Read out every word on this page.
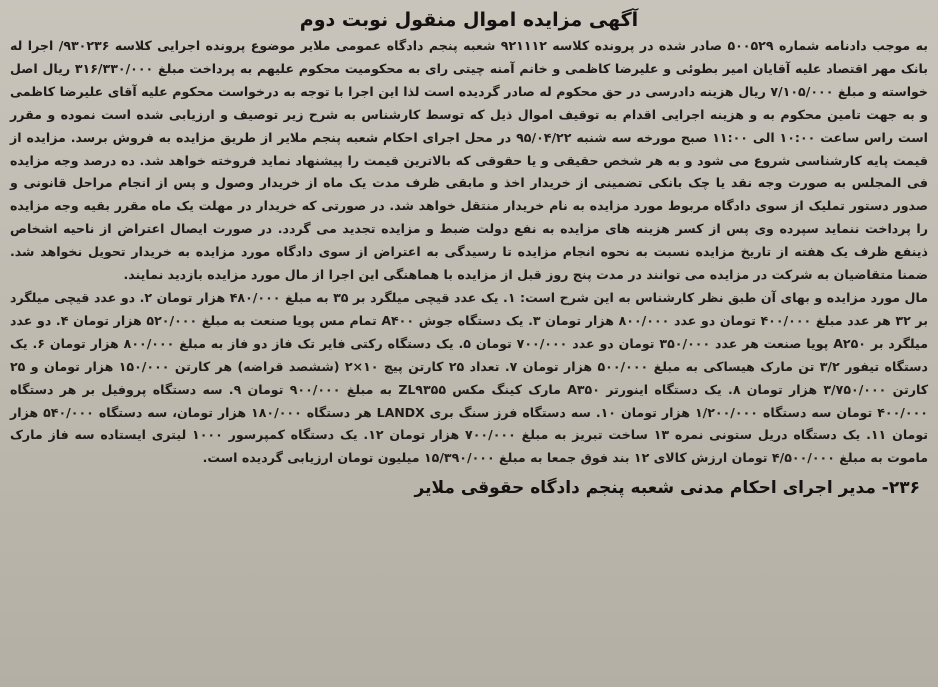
آگهی مزایده اموال منقول نوبت دوم

به موجب دادنامه شماره ۵۰۰۵۲۹ صادر شده در پرونده کلاسه ۹۲۱۱۱۲ شعبه پنجم دادگاه عمومی ملایر موضوع پرونده اجرایی کلاسه ۹۳۰۲۳۶/ اجرا له بانک مهر اقتصاد علیه آقایان امیر بطوئی و علیرضا کاظمی و خانم آمنه چیتی رای به محکومیت محکوم علیهم به پرداخت مبلغ ۳۱۶/۳۳۰/۰۰۰ ریال اصل خواسته و مبلغ ۷/۱۰۵/۰۰۰ ریال هزینه دادرسی در حق محکوم له صادر گردیده است لذا این اجرا با توجه به درخواست محکوم علیه آقای علیرضا کاظمی و به جهت تامین محکوم به و هزینه اجرایی اقدام به توقیف اموال ذیل که توسط کارشناس به شرح زیر توصیف و ارزیابی شده است نموده و مقرر است راس ساعت ۱۰:۰۰ الی ۱۱:۰۰ صبح مورخه سه شنبه ۹۵/۰۴/۲۲ در محل اجرای احکام شعبه پنجم ملایر از طریق مزایده به فروش برسد. مزایده از قیمت پایه کارشناسی شروع می شود و به هر شخص حقیقی و یا حقوقی که بالاترین قیمت را پیشنهاد نماید فروخته خواهد شد. ده درصد وجه مزایده فی المجلس به صورت وجه نقد یا چک بانکی تضمینی از خریدار اخذ و مابقی ظرف مدت یک ماه از خریدار وصول و پس از انجام مراحل قانونی و صدور دستور تملیک از سوی دادگاه مربوط مورد مزایده به نام خریدار منتقل خواهد شد. در صورتی که خریدار در مهلت یک ماه مقرر بقیه وجه مزایده را پرداخت ننماید سپرده وی پس از کسر هزینه های مزایده به نفع دولت ضبط و مزایده تجدید می گردد. در صورت ایصال اعتراض از ناحیه اشخاص ذینفع ظرف یک هفته از تاریخ مزایده نسبت به نحوه انجام مزایده تا رسیدگی به اعتراض از سوی دادگاه مورد مزایده به خریدار تحویل نخواهد شد. ضمنا متقاضیان به شرکت در مزایده می توانند در مدت پنج روز قبل از مزایده با هماهنگی این اجرا از مال مورد مزایده بازدید نمایند.

مال مورد مزایده و بهای آن طبق نظر کارشناس به این شرح است: ۱. یک عدد قیچی میلگرد بر ۳۵ به مبلغ ۴۸۰/۰۰۰ هزار تومان ۲. دو عدد قیچی میلگرد بر ۳۲ هر عدد مبلغ ۴۰۰/۰۰۰ تومان دو عدد ۸۰۰/۰۰۰ هزار تومان ۳. یک دستگاه جوش A۴۰۰ تمام مس پویا صنعت به مبلغ ۵۲۰/۰۰۰ هزار تومان ۴. دو عدد میلگرد بر A۲۵۰ پویا صنعت هر عدد ۳۵۰/۰۰۰ تومان دو عدد ۷۰۰/۰۰۰ تومان ۵. یک دستگاه رکتی فایر تک فاز دو فاز به مبلغ ۸۰۰/۰۰۰ هزار تومان ۶. یک دستگاه تیفور ۳/۲ تن مارک هیساکی به مبلغ ۵۰۰/۰۰۰ هزار تومان ۷. تعداد ۲۵ کارتن پیچ ۱۰×۲ (ششصد قراضه) هر کارتن ۱۵۰/۰۰۰ هزار تومان و ۲۵ کارتن ۳/۷۵۰/۰۰۰ هزار تومان ۸. یک دستگاه اینورتر A۳۵۰ مارک کینگ مکس ZL۹۳۵۵ به مبلغ ۹۰۰/۰۰۰ تومان ۹. سه دستگاه پروفیل بر هر دستگاه ۴۰۰/۰۰۰ تومان سه دستگاه ۱/۲۰۰/۰۰۰ هزار تومان ۱۰. سه دستگاه فرز سنگ بری LANDX هر دستگاه ۱۸۰/۰۰۰ هزار تومان، سه دستگاه ۵۴۰/۰۰۰ هزار تومان ۱۱. یک دستگاه دریل ستونی نمره ۱۳ ساخت تبریز به مبلغ ۷۰۰/۰۰۰ هزار تومان ۱۲. یک دستگاه کمپرسور ۱۰۰۰ لیتری ایستاده سه فاز مارک ماموت به مبلغ ۴/۵۰۰/۰۰۰ تومان ارزش کالای ۱۲ بند فوق جمعا به مبلغ ۱۵/۳۹۰/۰۰۰ میلیون تومان ارزیابی گردیده است.

۲۳۶- مدیر اجرای احکام مدنی شعبه پنجم دادگاه حقوقی ملایر
